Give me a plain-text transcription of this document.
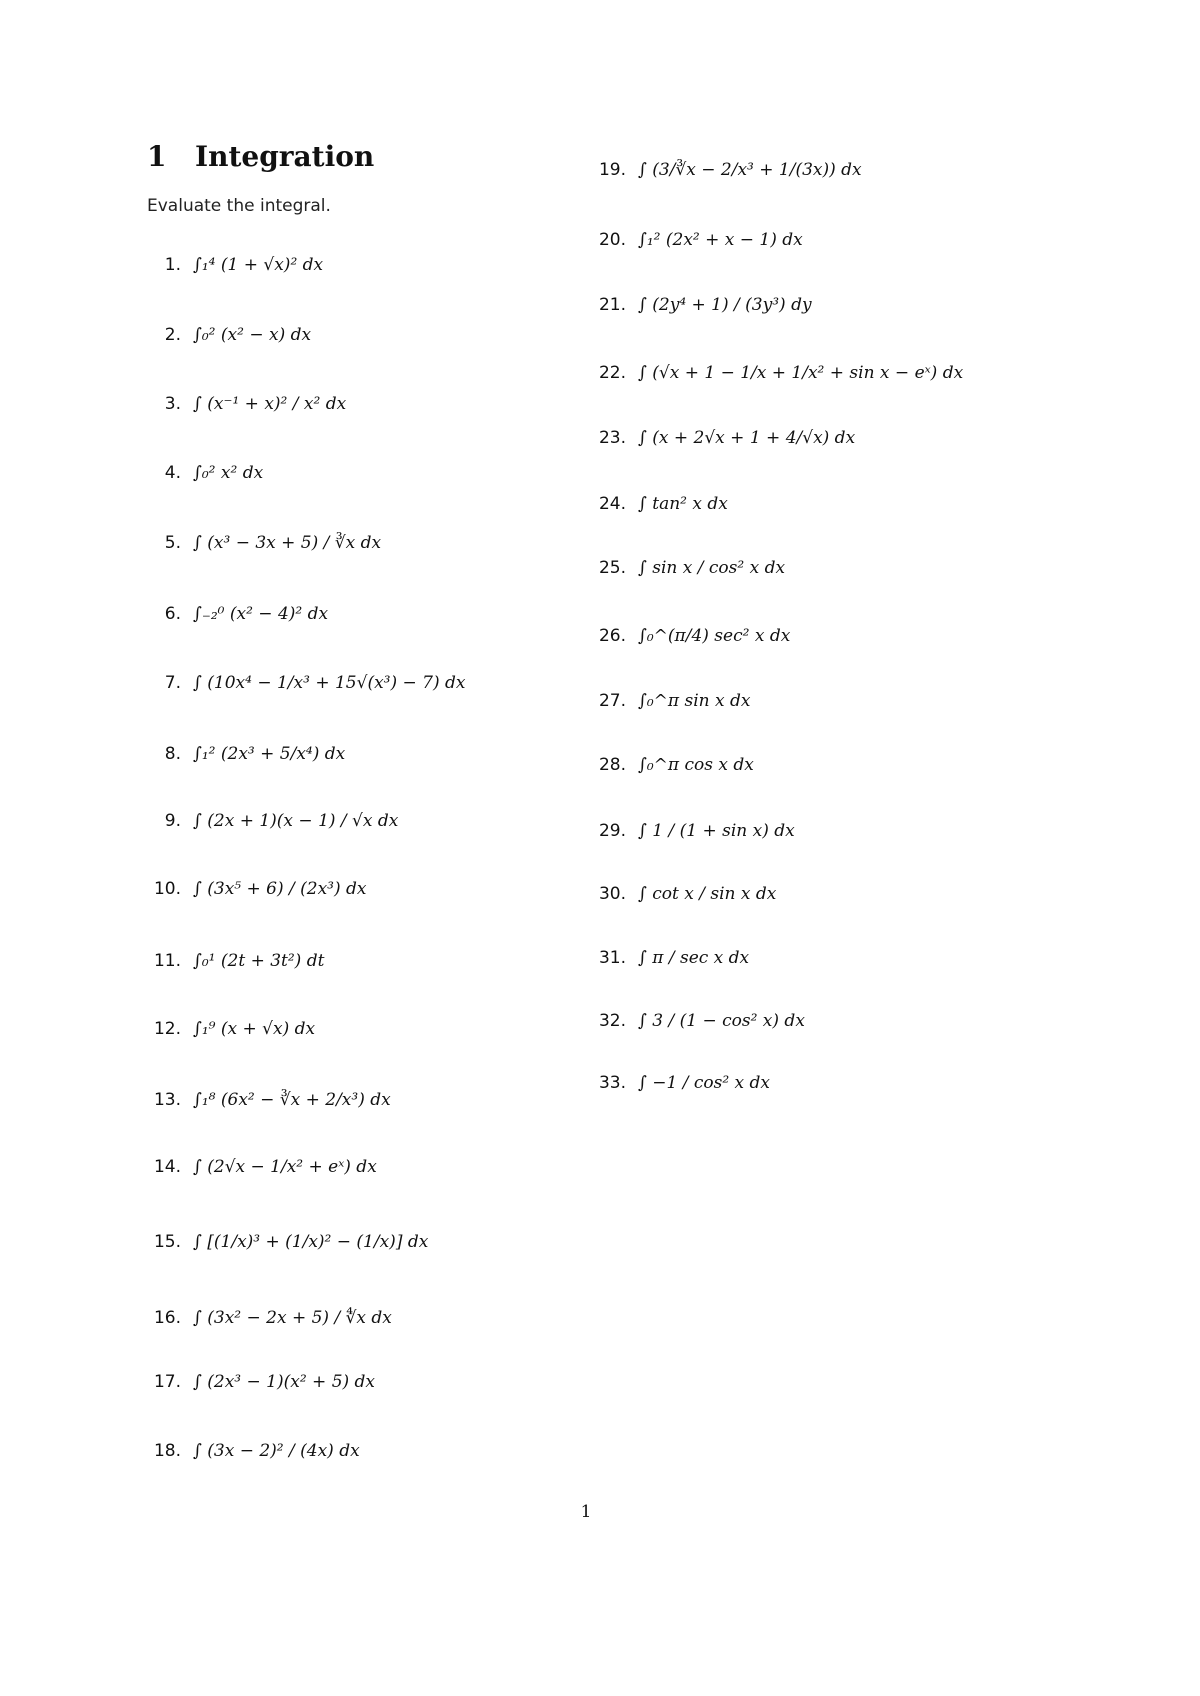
1 Integration

Evaluate the integral.

1. ∫₁⁴ (1 + √x)² dx
2. ∫₀² (x² − x) dx
3. ∫ (x⁻¹ + x)² / x² dx
4. ∫₀² x² dx
5. ∫ (x³ − 3x + 5) / ∛x dx
6. ∫₋₂⁰ (x² − 4)² dx
7. ∫ (10x⁴ − 1/x³ + 15√(x³) − 7) dx
8. ∫₁² (2x³ + 5/x⁴) dx
9. ∫ (2x + 1)(x − 1) / √x dx
10. ∫ (3x⁵ + 6) / (2x³) dx
11. ∫₀¹ (2t + 3t²) dt
12. ∫₁⁹ (x + √x) dx
13. ∫₁⁸ (6x² − ∛x + 2/x³) dx
14. ∫ (2√x − 1/x² + eˣ) dx
15. ∫ [(1/x)³ + (1/x)² − (1/x)] dx
16. ∫ (3x² − 2x + 5) / ∜x dx
17. ∫ (2x³ − 1)(x² + 5) dx
18. ∫ (3x − 2)² / (4x) dx
19. ∫ (3/∛x − 2/x³ + 1/(3x)) dx
20. ∫₁² (2x² + x − 1) dx
21. ∫ (2y⁴ + 1) / (3y³) dy
22. ∫ (√x + 1 − 1/x + 1/x² + sin x − eˣ) dx
23. ∫ (x + 2√x + 1 + 4/√x) dx
24. ∫ tan² x dx
25. ∫ sin x / cos² x dx
26. ∫₀^(π/4) sec² x dx
27. ∫₀^π sin x dx
28. ∫₀^π cos x dx
29. ∫ 1 / (1 + sin x) dx
30. ∫ cot x / sin x dx
31. ∫ π / sec x dx
32. ∫ 3 / (1 − cos² x) dx
33. ∫ −1 / cos² x dx
1
